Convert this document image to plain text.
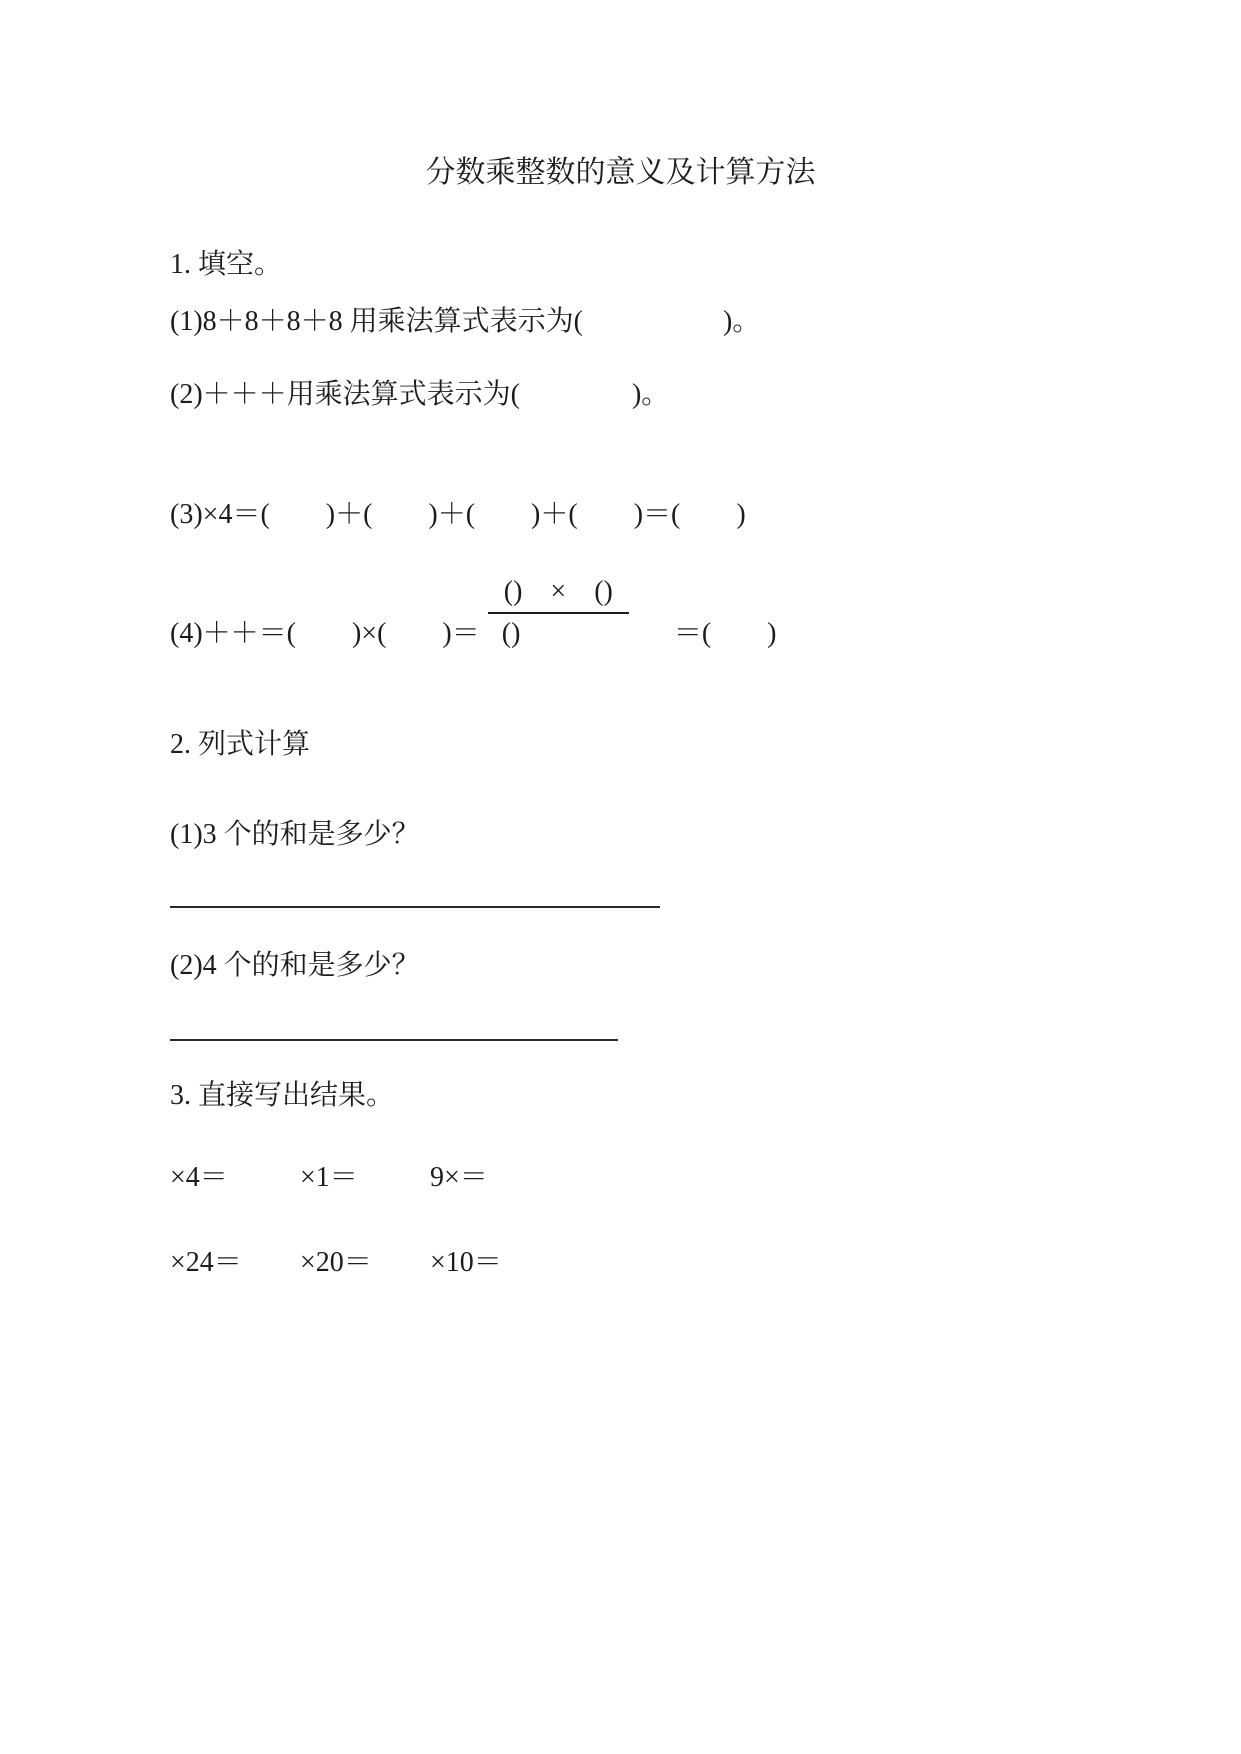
分数乘整数的意义及计算方法

1. 填空。

(1)8＋8＋8＋8 用乘法算式表示为(　　　　　)。

(2)＋＋＋用乘法算式表示为(　　　　)。

(3)×4＝(　　)＋(　　)＋(　　)＋(　　)＝(　　)

(4)＋＋＝(　　)×(　　)＝ $\frac{() \times ()}{()}$ ＝(　　)

2. 列式计算

(1)3 个的和是多少？

(2)4 个的和是多少？

3. 直接写出结果。

×4＝	×1＝	9×＝
×24＝	×20＝	×10＝
